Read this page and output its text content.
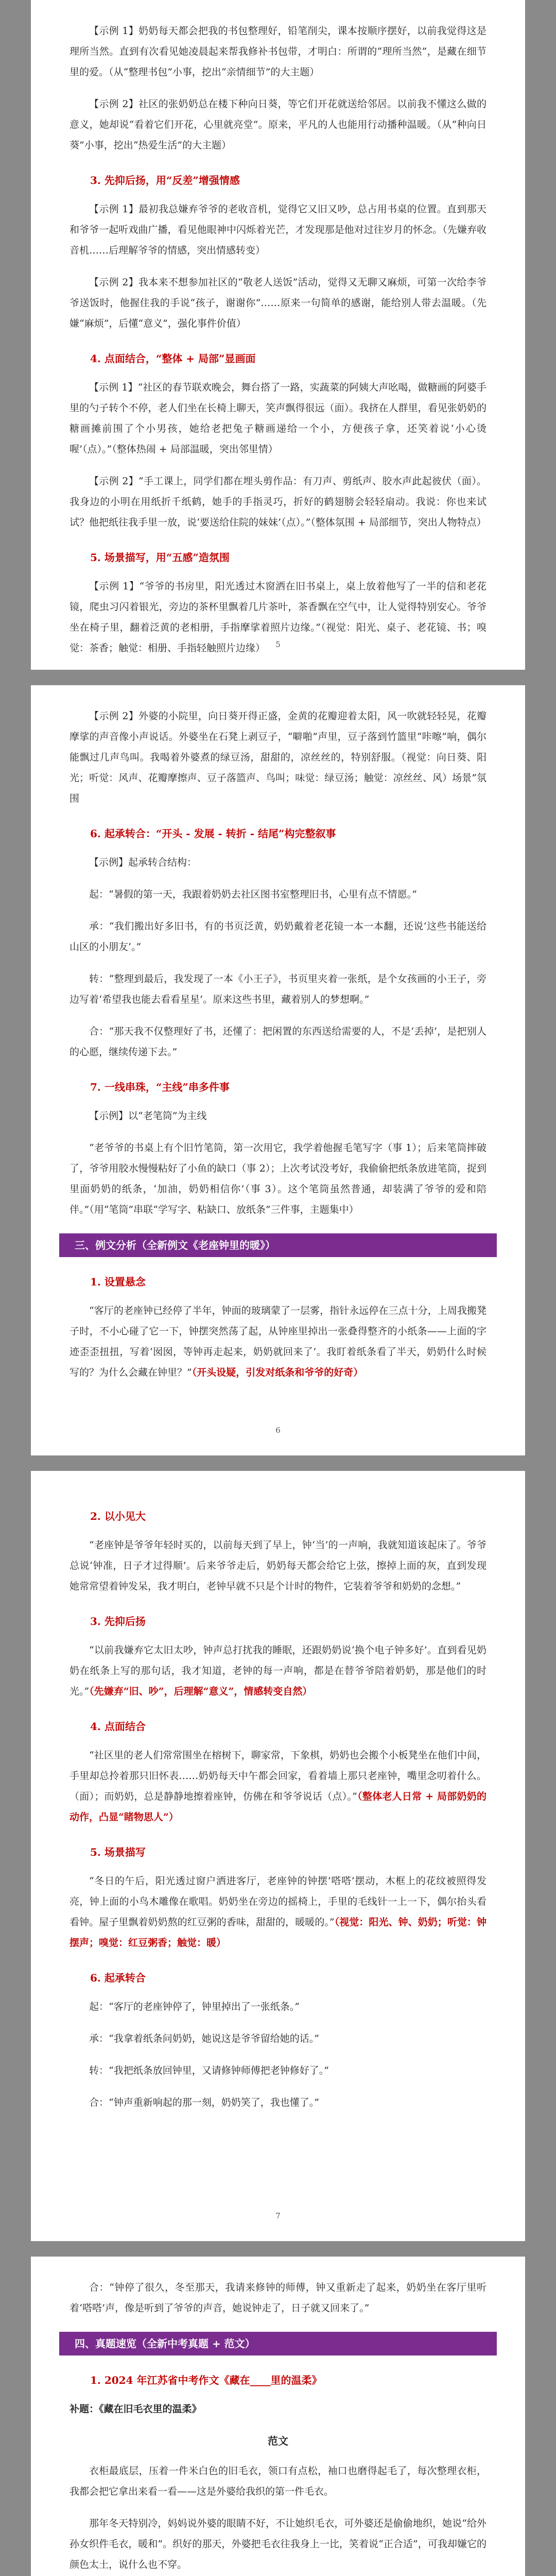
【示例 1】奶奶每天都会把我的书包整理好，铅笔削尖，课本按顺序摆好，以前我觉得这是理所当然。直到有次看见她凌晨起来帮我修补书包带，才明白：所谓的“理所当然”，是藏在细节里的爱。（从“整理书包”小事，挖出“亲情细节”的大主题）

【示例 2】社区的张奶奶总在楼下种向日葵，等它们开花就送给邻居。以前我不懂这么做的意义，她却说“看着它们开花，心里就亮堂”。原来，平凡的人也能用行动播种温暖。（从“种向日葵”小事，挖出“热爱生活”的大主题）

3. 先抑后扬，用“反差”增强情感

【示例 1】最初我总嫌弃爷爷的老收音机，觉得它又旧又吵，总占用书桌的位置。直到那天和爷爷一起听戏曲广播，看见他眼神中闪烁着光芒，才发现那是他对过往岁月的怀念。（先嫌弃收音机……后理解爷爷的情感，突出情感转变）

【示例 2】我本来不想参加社区的“敬老人送饭”活动，觉得又无聊又麻烦，可第一次给李爷爷送饭时，他握住我的手说“孩子，谢谢你”……原来一句简单的感谢，能给别人带去温暖。（先嫌“麻烦”，后懂“意义”，强化事件价值）

4. 点面结合，“整体 + 局部”显画面

【示例 1】“社区的春节联欢晚会，舞台搭了一路，实蔬菜的阿姨大声吆喝，做糖画的阿婆手里的勺子转个不停，老人们坐在长椅上聊天，笑声飘得很远（面）。我挤在人群里，看见张奶奶的糖画摊前围了个小男孩，她给老把兔子糖画递给一个小，方便孩子拿，还笑着说‘小心烫喔’（点）。”（整体热闹 + 局部温暖，突出邻里情）

【示例 2】“手工课上，同学们都在埋头剪作品：有刀声、剪纸声、胶水声此起彼伏（面）。我身边的小明在用纸折千纸鹤，她手的手指灵巧，折好的鹤翅膀会轻轻扇动。我说：你也来试试？他把纸往我手里一放，说‘要送给住院的妹妹’（点）。”（整体氛围 + 局部细节，突出人物特点）

5. 场景描写，用“五感”造氛围

【示例 1】“爷爷的书房里，阳光透过木窗洒在旧书桌上，桌上放着他写了一半的信和老花镜，爬虫习闪着银光，旁边的茶杯里飘着几片茶叶，茶香飘在空气中，让人觉得特别安心。爷爷坐在椅子里，翻着泛黄的老相册，手指摩挲着照片边缘。”（视觉：阳光、桌子、老花镜、书；嗅觉：茶香；触觉：相册、手指轻触照片边缘）	5

【示例 2】外婆的小院里，向日葵开得正盛，金黄的花瓣迎着太阳，风一吹就轻轻晃，花瓣摩挲的声音像小声说话。外婆坐在石凳上剥豆子，“噼啪”声里，豆子落到竹篮里“咔嚓”响，偶尔能飘过几声鸟叫。我喝着外婆煮的绿豆汤，甜甜的，凉丝丝的，特别舒服。（视觉：向日葵、阳光；听觉：风声、花瓣摩擦声、豆子落篮声、鸟叫；味觉：绿豆汤；触觉：凉丝丝、风）场景”氛围

6. 起承转合：“开头 - 发展 - 转折 - 结尾”构完整叙事

【示例】起承转合结构：

起：“暑假的第一天，我跟着奶奶去社区图书室整理旧书，心里有点不情愿。”

承：“我们搬出好多旧书，有的书页泛黄，奶奶戴着老花镜一本一本翻，还说‘这些书能送给山区的小朋友’。”

转：“整理到最后，我发现了一本《小王子》，书页里夹着一张纸，是个女孩画的小王子，旁边写着‘希望我也能去看看星星’。原来这些书里，藏着别人的梦想啊。”

合：“那天我不仅整理好了书，还懂了：把闲置的东西送给需要的人，不是‘丢掉’，是把别人的心愿，继续传递下去。”

7. 一线串珠，“主线”串多件事

【示例】以“老笔筒”为主线

“老爷爷的书桌上有个旧竹笔筒，第一次用它，我学着他握毛笔写字（事 1）；后来笔筒摔破了，爷爷用胶水慢慢粘好了小鱼的缺口（事 2）；上次考试没考好，我偷偷把纸条放进笔筒，捉到里面奶奶的纸条，‘加油，奶奶相信你’（事 3）。这个笔筒虽然普通，却装满了爷爷的爱和陪伴。”（用“笔筒”串联“学写字、粘缺口、放纸条”三件事，主题集中）

三、例文分析（全新例文《老座钟里的暖》）
1. 设置悬念

“客厅的老座钟已经停了半年，钟面的玻璃蒙了一层雾，指针永远停在三点十分，上周我搬凳子时，不小心碰了它一下，钟摆突然荡了起，从钟座里掉出一张叠得整齐的小纸条——上面的字迹歪歪扭扭，写着‘囡囡，等钟再走起来，奶奶就回来了’。我盯着纸条看了半天，奶奶什么时候写的？为什么会藏在钟里？”（开头设疑，引发对纸条和爷爷的好奇）

6
2. 以小见大

“老座钟是爷爷年轻时买的，以前每天到了早上，钟‘当’的一声响，我就知道该起床了。爷爷总说‘钟准，日子才过得顺’。后来爷爷走后，奶奶每天都会给它上弦，擦掉上面的灰，直到发现她常常望着钟发呆，我才明白，老钟早就不只是个计时的物件，它装着爷爷和奶奶的念想。”

3. 先抑后扬

“以前我嫌弃它太旧太吵，钟声总打扰我的睡眠，还跟奶奶说‘换个电子钟多好’。直到看见奶奶在纸条上写的那句话，我才知道，老钟的每一声响，都是在替爷爷陪着奶奶，那是他们的时光。”（先嫌弃“旧、吵”，后理解“意义”，情感转变自然）

4. 点面结合

“社区里的老人们常常围坐在榕树下，聊家常，下象棋，奶奶也会搬个小板凳坐在他们中间，手里却总拎着那只旧怀表……奶奶每天中午都会回家，看着墙上那只老座钟，嘴里念叨着什么。（面）；而奶奶，总是静静地擦着座钟，仿佛在和爷爷说话（点）。”（整体老人日常 + 局部奶奶的动作，凸显“睹物思人”）

5. 场景描写

“冬日的午后，阳光透过窗户洒进客厅，老座钟的钟摆‘嗒嗒’摆动，木框上的花纹被照得发亮，钟上面的小鸟木雕像在歌唱。奶奶坐在旁边的摇椅上，手里的毛线针一上一下，偶尔抬头看看钟。屋子里飘着奶奶熬的红豆粥的香味，甜甜的，暖暖的。”（视觉：阳光、钟、奶奶；听觉：钟摆声；嗅觉：红豆粥香；触觉：暖）

6. 起承转合

起：“客厅的老座钟停了，钟里掉出了一张纸条。”

承：“我拿着纸条问奶奶，她说这是爷爷留给她的话。”

转：“我把纸条放回钟里，又请修钟师傅把老钟修好了。”

合：“钟声重新响起的那一刻，奶奶笑了，我也懂了。”

7

合：“钟停了很久，冬至那天，我请来修钟的师傅，钟又重新走了起来，奶奶坐在客厅里听着‘嗒嗒’声，像是听到了爷爷的声音，她说钟走了，日子就又回来了。”

四、真题速览（全新中考真题 + 范文）
1. 2024 年江苏省中考作文《藏在____里的温柔》

补题：《藏在旧毛衣里的温柔》

范文

衣柜最底层，压着一件米白色的旧毛衣，领口有点松，袖口也磨得起毛了，每次整理衣柜，我都会把它拿出来看一看——这是外婆给我织的第一件毛衣。

那年冬天特别冷，妈妈说外婆的眼睛不好，不让她织毛衣，可外婆还是偷偷地织，她说“给外孙女织件毛衣，暖和”。织好的那天，外婆把毛衣往我身上一比，笑着说“正合适”，可我却嫌它的颜色太土，说什么也不穿。
